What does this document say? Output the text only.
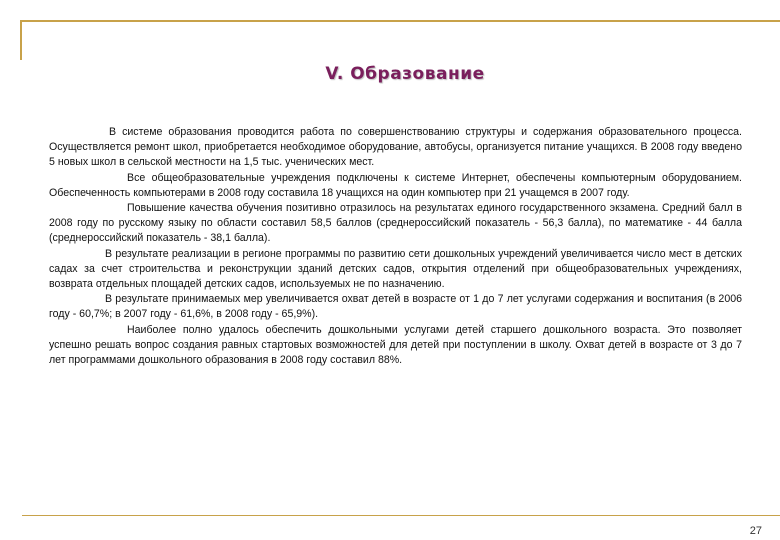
V. Образование

В системе образования проводится работа по совершенствованию структуры и содержания образовательного процесса. Осуществляется ремонт школ, приобретается необходимое оборудование, автобусы, организуется питание учащихся. В 2008 году введено 5 новых школ в сельской местности на 1,5 тыс. ученических мест.

Все общеобразовательные учреждения подключены к системе Интернет, обеспечены компьютерным оборудованием. Обеспеченность компьютерами в 2008 году составила 18 учащихся на один компьютер при 21 учащемся в 2007 году.

Повышение качества обучения позитивно отразилось на результатах единого государственного экзамена. Средний балл в 2008 году по русскому языку по области составил 58,5 баллов (среднероссийский показатель - 56,3 балла), по математике - 44 балла (среднероссийский показатель - 38,1 балла).

В результате реализации в регионе программы по развитию сети дошкольных учреждений увеличивается число мест в детских садах за счет строительства и реконструкции зданий детских садов, открытия отделений при общеобразовательных учреждениях, возврата отдельных площадей детских садов, используемых не по назначению.

В результате принимаемых мер увеличивается охват детей в возрасте от 1 до 7 лет услугами содержания и воспитания (в 2006 году - 60,7%; в 2007 году - 61,6%, в 2008 году - 65,9%).

Наиболее полно удалось обеспечить дошкольными услугами детей старшего дошкольного возраста. Это позволяет успешно решать вопрос создания равных стартовых возможностей для детей при поступлении в школу. Охват детей в возрасте от 3 до 7 лет программами дошкольного образования в 2008 году составил 88%.

27
